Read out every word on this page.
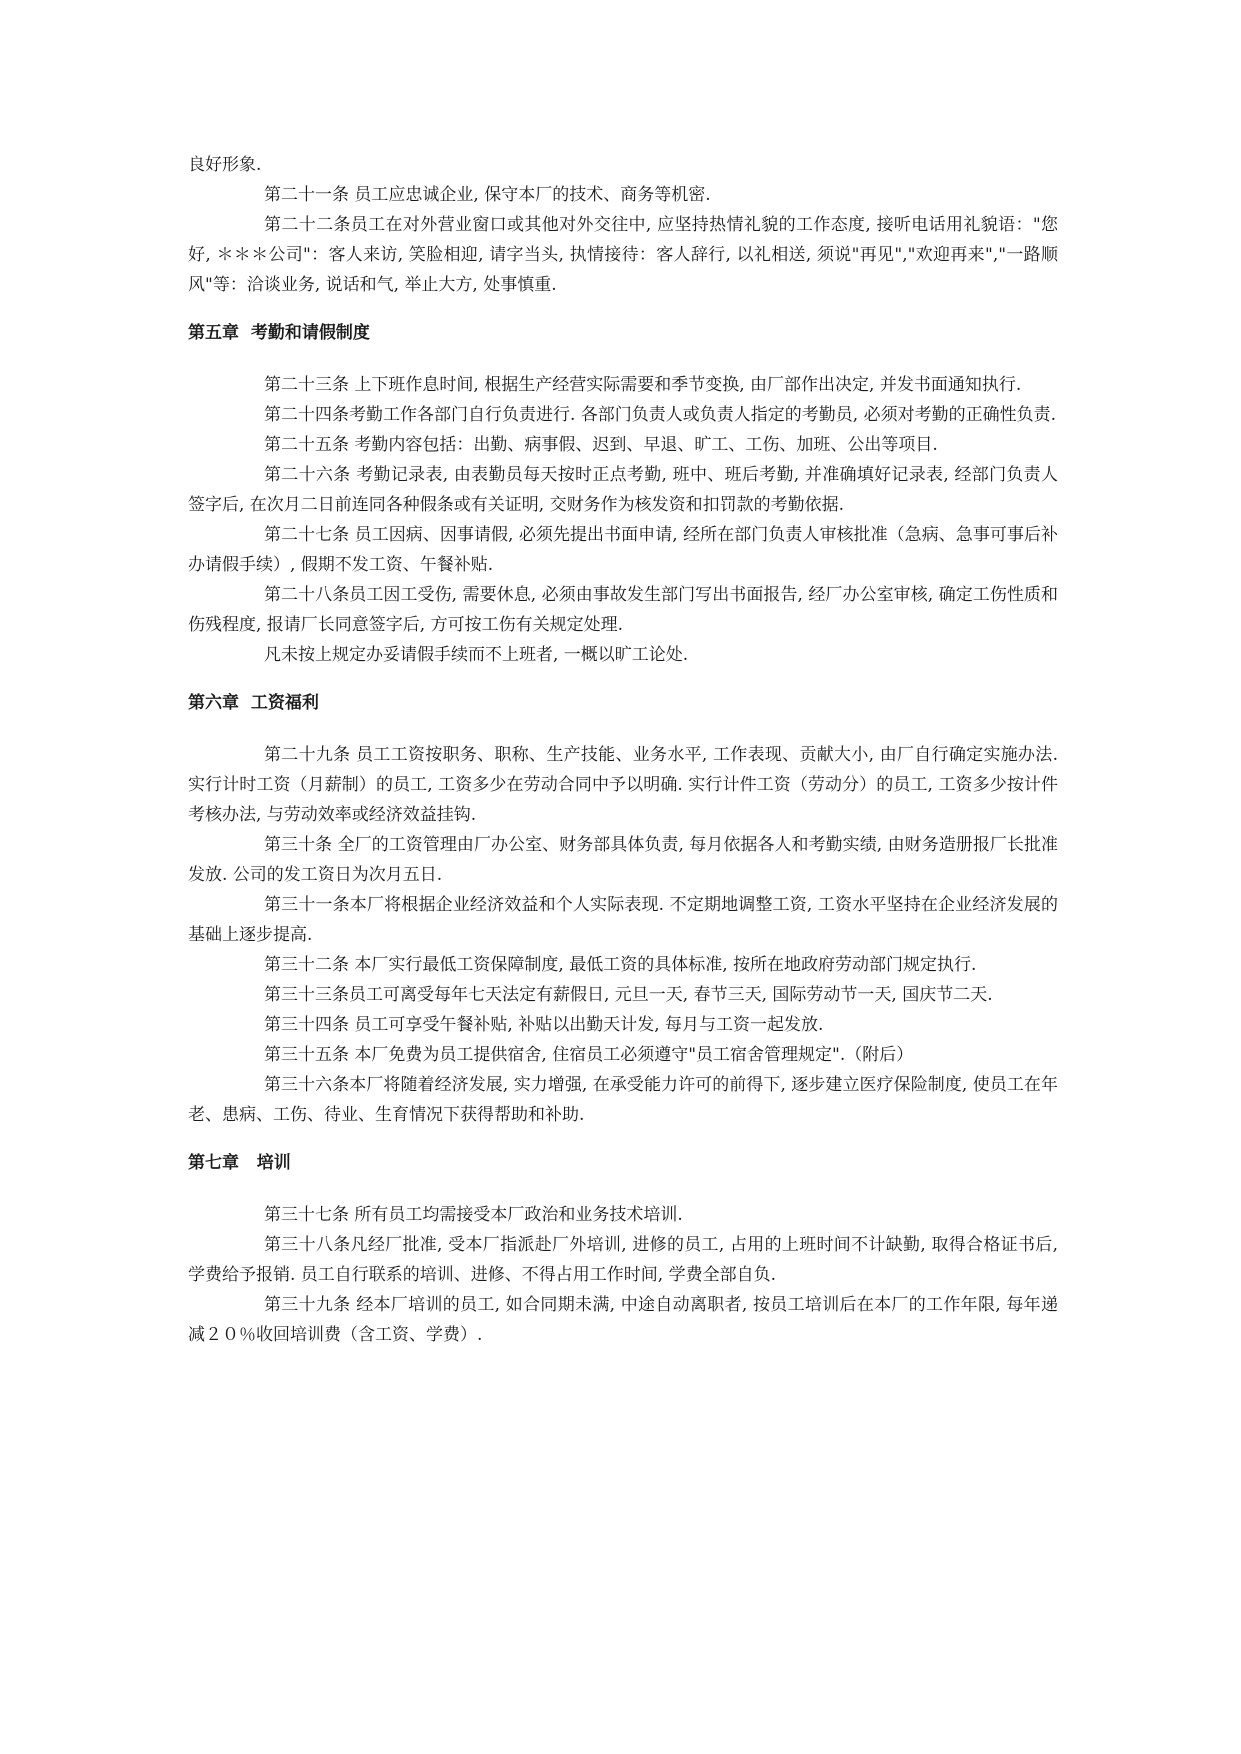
良好形象.

第二十一条 员工应忠诚企业, 保守本厂的技术、商务等机密.

第二十二条员工在对外营业窗口或其他对外交往中, 应坚持热情礼貌的工作态度, 接听电话用礼貌语："您好, ＊＊＊公司"：客人来访, 笑脸相迎, 请字当头, 执情接待：客人辞行, 以礼相送, 须说"再见","欢迎再来","一路顺风"等：洽谈业务, 说话和气, 举止大方, 处事慎重.

第五章  考勤和请假制度

第二十三条 上下班作息时间, 根据生产经营实际需要和季节变换, 由厂部作出决定, 并发书面通知执行.

第二十四条考勤工作各部门自行负责进行. 各部门负责人或负责人指定的考勤员, 必须对考勤的正确性负责.

第二十五条 考勤内容包括：出勤、病事假、迟到、早退、旷工、工伤、加班、公出等项目.

第二十六条 考勤记录表, 由表勤员每天按时正点考勤, 班中、班后考勤, 并准确填好记录表, 经部门负责人签字后, 在次月二日前连同各种假条或有关证明, 交财务作为核发资和扣罚款的考勤依据.

第二十七条 员工因病、因事请假, 必须先提出书面申请, 经所在部门负责人审核批准（急病、急事可事后补办请假手续）, 假期不发工资、午餐补贴.

第二十八条员工因工受伤, 需要休息, 必须由事故发生部门写出书面报告, 经厂办公室审核, 确定工伤性质和伤残程度, 报请厂长同意签字后, 方可按工伤有关规定处理.

凡未按上规定办妥请假手续而不上班者, 一概以旷工论处.

第六章  工资福利

第二十九条 员工工资按职务、职称、生产技能、业务水平, 工作表现、贡献大小, 由厂自行确定实施办法. 实行计时工资（月薪制）的员工, 工资多少在劳动合同中予以明确. 实行计件工资（劳动分）的员工, 工资多少按计件考核办法, 与劳动效率或经济效益挂钩.

第三十条 全厂的工资管理由厂办公室、财务部具体负责, 每月依据各人和考勤实绩, 由财务造册报厂长批准发放. 公司的发工资日为次月五日.

第三十一条本厂将根据企业经济效益和个人实际表现. 不定期地调整工资, 工资水平坚持在企业经济发展的基础上逐步提高.

第三十二条 本厂实行最低工资保障制度, 最低工资的具体标准, 按所在地政府劳动部门规定执行.

第三十三条员工可离受每年七天法定有薪假日, 元旦一天, 春节三天, 国际劳动节一天, 国庆节二天.

第三十四条 员工可享受午餐补贴, 补贴以出勤天计发, 每月与工资一起发放.

第三十五条 本厂免费为员工提供宿舍, 住宿员工必须遵守"员工宿舍管理规定".（附后）

第三十六条本厂将随着经济发展, 实力增强, 在承受能力许可的前得下, 逐步建立医疗保险制度, 使员工在年老、患病、工伤、待业、生育情况下获得帮助和补助.

第七章   培训

第三十七条 所有员工均需接受本厂政治和业务技术培训.

第三十八条凡经厂批准, 受本厂指派赴厂外培训, 进修的员工, 占用的上班时间不计缺勤, 取得合格证书后, 学费给予报销. 员工自行联系的培训、进修、不得占用工作时间, 学费全部自负.

第三十九条 经本厂培训的员工, 如合同期未满, 中途自动离职者, 按员工培训后在本厂的工作年限, 每年递减２０％收回培训费（含工资、学费）.
